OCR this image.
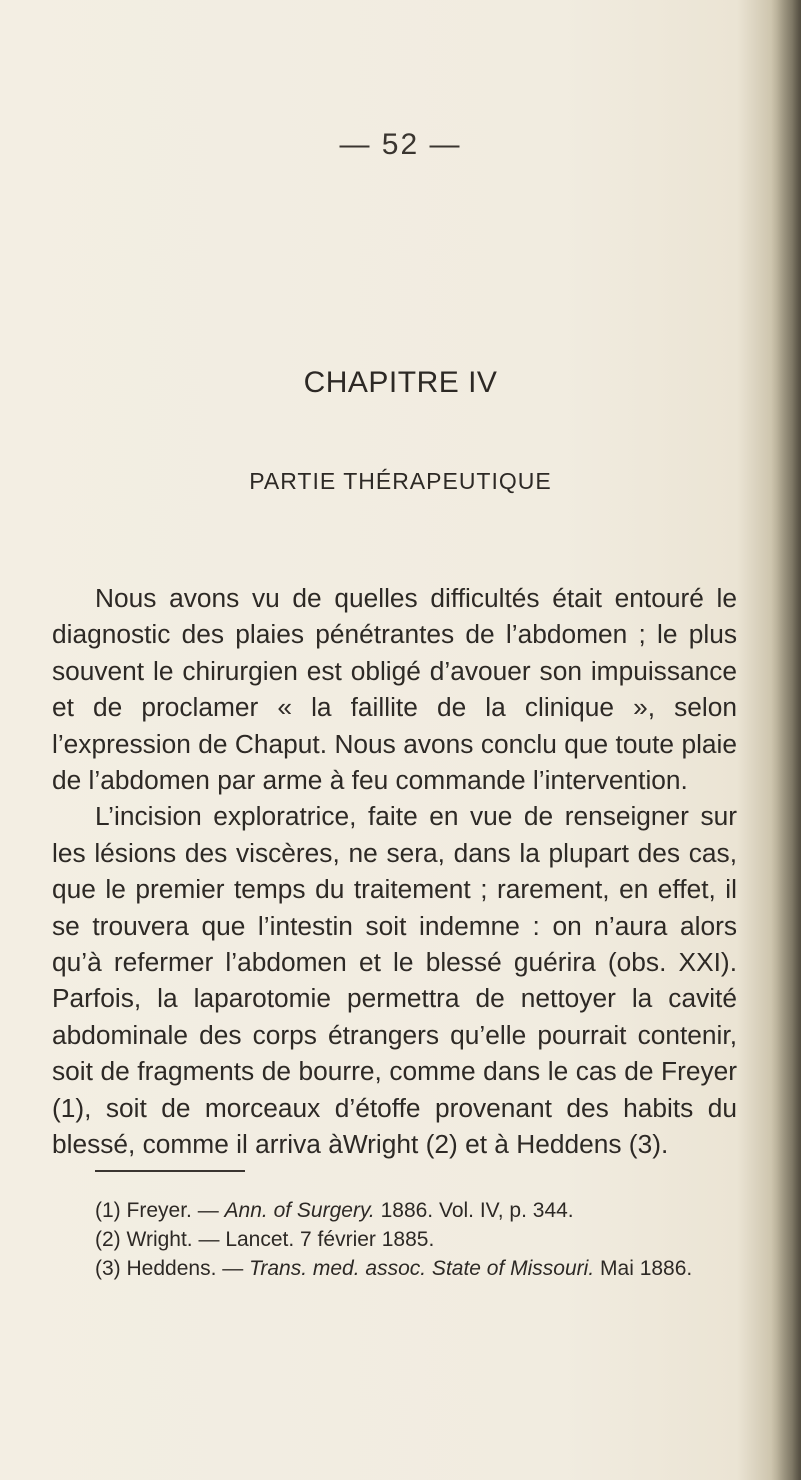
— 52 —
CHAPITRE IV
PARTIE THÉRAPEUTIQUE

Nous avons vu de quelles difficultés était entouré le diagnostic des plaies pénétrantes de l’abdomen ; le plus souvent le chirurgien est obligé d’avouer son impuissance et de proclamer « la faillite de la clinique », selon l’expression de Chaput. Nous avons conclu que toute plaie de l’abdomen par arme à feu commande l’intervention.

L’incision exploratrice, faite en vue de renseigner sur les lésions des viscères, ne sera, dans la plupart des cas, que le premier temps du traitement ; rarement, en effet, il se trouvera que l’intestin soit indemne : on n’aura alors qu’à refermer l’abdomen et le blessé guérira (obs. XXI). Parfois, la laparotomie permettra de nettoyer la cavité abdominale des corps étrangers qu’elle pourrait contenir, soit de fragments de bourre, comme dans le cas de Freyer (1), soit de morceaux d’étoffe provenant des habits du blessé, comme il arriva àWright (2) et à Heddens (3).

(1) Freyer. — Ann. of Surgery. 1886. Vol. IV, p. 344.
(2) Wright. — Lancet. 7 février 1885.
(3) Heddens. — Trans. med. assoc. State of Missouri. Mai 1886.
